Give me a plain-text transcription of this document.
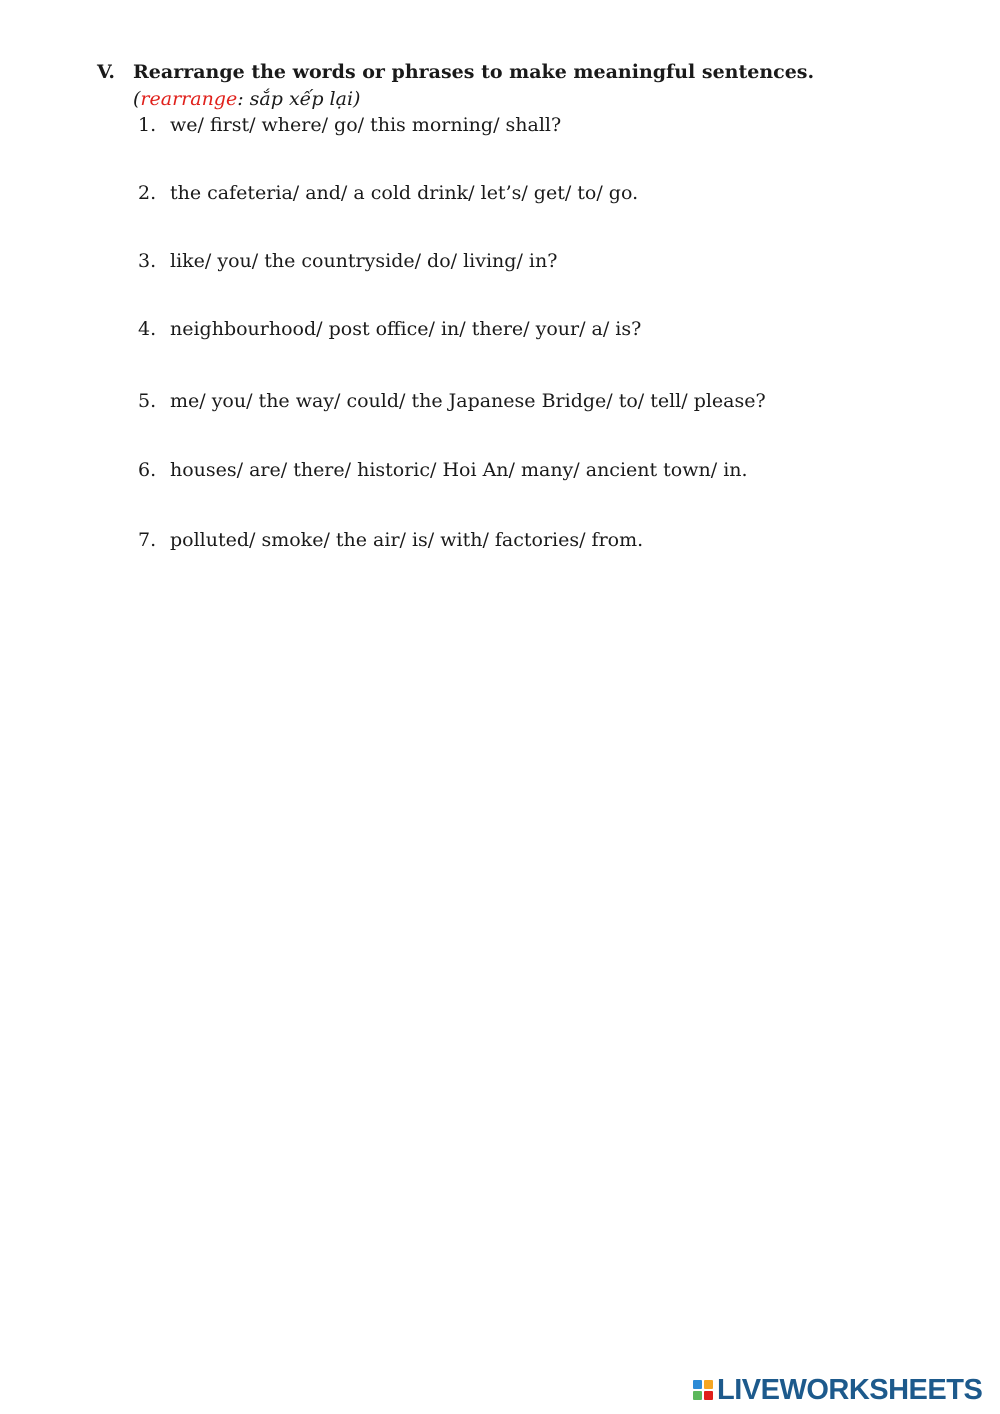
V. Rearrange the words or phrases to make meaningful sentences.
(rearrange: sắp xếp lại)
1. we/ first/ where/ go/ this morning/ shall?
2. the cafeteria/ and/ a cold drink/ let’s/ get/ to/ go.
3. like/ you/ the countryside/ do/ living/ in?
4. neighbourhood/ post office/ in/ there/ your/ a/ is?
5. me/ you/ the way/ could/ the Japanese Bridge/ to/ tell/ please?
6. houses/ are/ there/ historic/ Hoi An/ many/ ancient town/ in.
7. polluted/ smoke/ the air/ is/ with/ factories/ from.
LIVEWORKSHEETS
